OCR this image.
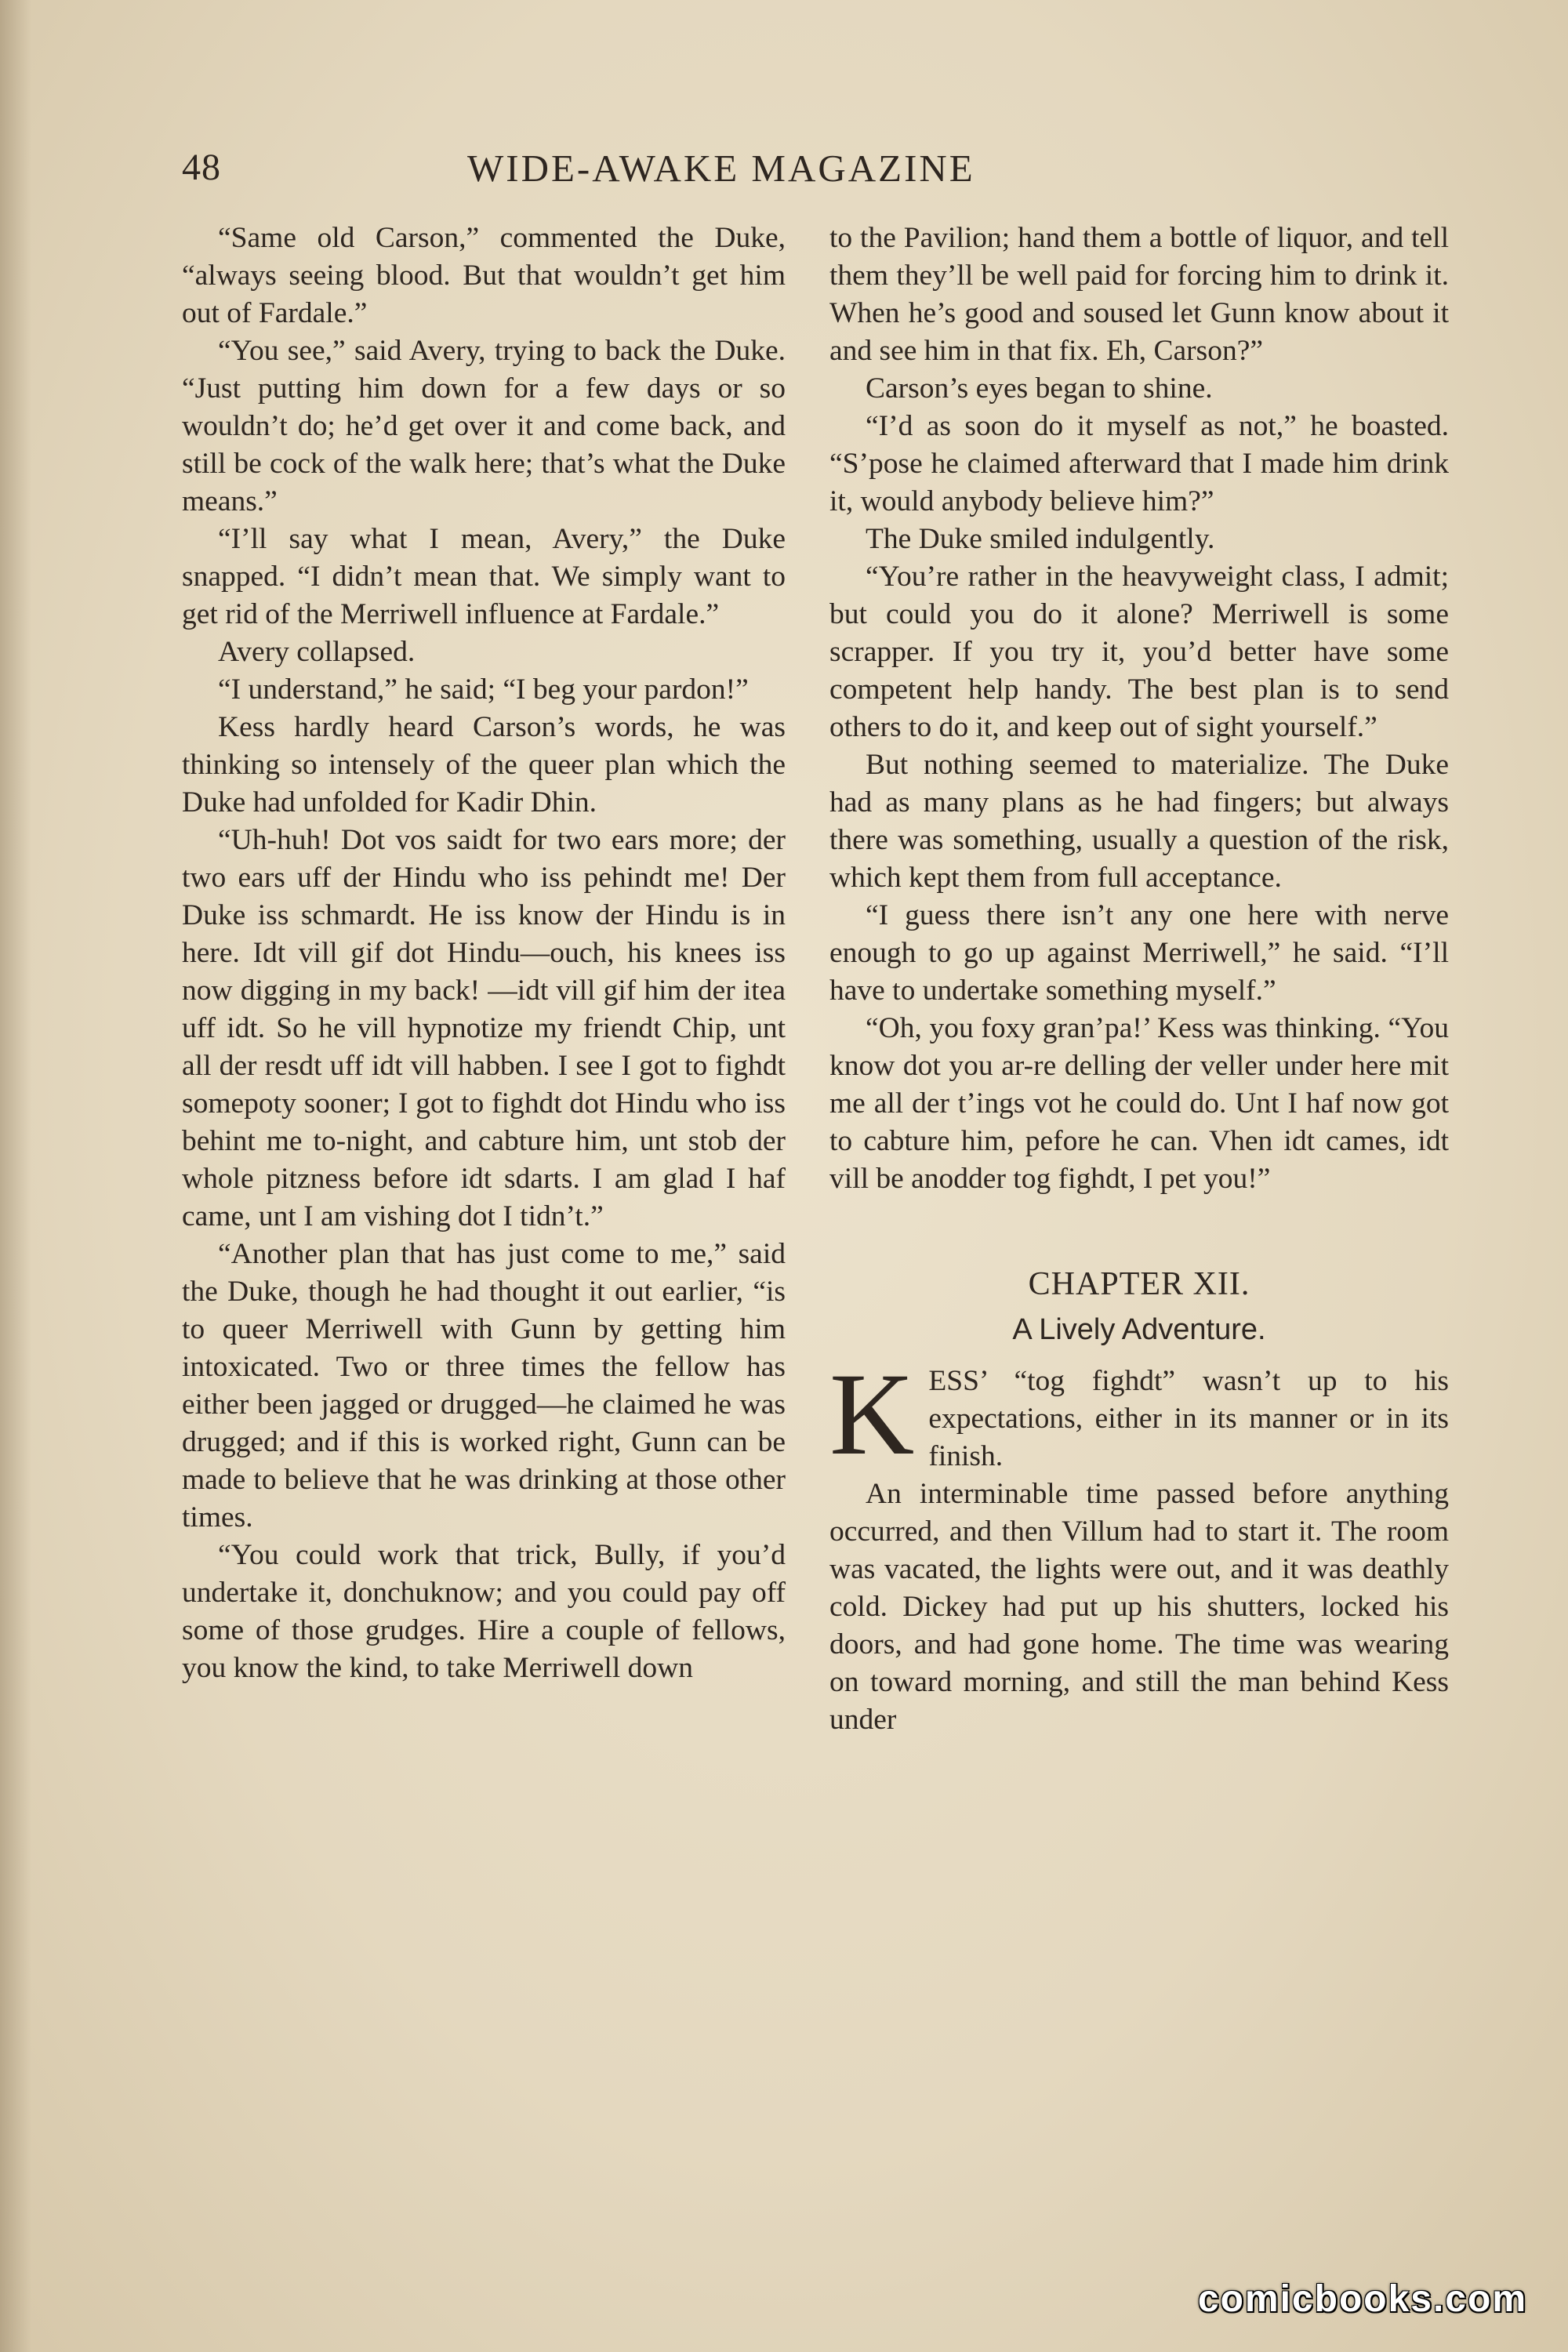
48	WIDE-AWAKE MAGAZINE

“Same old Carson,” commented the Duke, “always seeing blood. But that wouldn’t get him out of Fardale.”

“You see,” said Avery, trying to back the Duke. “Just putting him down for a few days or so wouldn’t do; he’d get over it and come back, and still be cock of the walk here; that’s what the Duke means.”

“I’ll say what I mean, Avery,” the Duke snapped. “I didn’t mean that. We simply want to get rid of the Merriwell influence at Fardale.”

Avery collapsed.

“I understand,” he said; “I beg your pardon!”

Kess hardly heard Carson’s words, he was thinking so intensely of the queer plan which the Duke had unfolded for Kadir Dhin.

“Uh-huh! Dot vos saidt for two ears more; der two ears uff der Hindu who iss pehindt me! Der Duke iss schmardt. He iss know der Hindu is in here. Idt vill gif dot Hindu—ouch, his knees iss now digging in my back! —idt vill gif him der itea uff idt. So he vill hypnotize my friendt Chip, unt all der resdt uff idt vill habben. I see I got to fighdt somepoty sooner; I got to fighdt dot Hindu who iss behint me to-night, and cabture him, unt stob der whole pitzness before idt sdarts. I am glad I haf came, unt I am vishing dot I tidn’t.”

“Another plan that has just come to me,” said the Duke, though he had thought it out earlier, “is to queer Merriwell with Gunn by getting him intoxicated. Two or three times the fellow has either been jagged or drugged—he claimed he was drugged; and if this is worked right, Gunn can be made to believe that he was drinking at those other times.

“You could work that trick, Bully, if you’d undertake it, donchuknow; and you could pay off some of those grudges. Hire a couple of fellows, you know the kind, to take Merriwell down

to the Pavilion; hand them a bottle of liquor, and tell them they’ll be well paid for forcing him to drink it. When he’s good and soused let Gunn know about it and see him in that fix. Eh, Carson?”

Carson’s eyes began to shine.

“I’d as soon do it myself as not,” he boasted. “S’pose he claimed afterward that I made him drink it, would anybody believe him?”

The Duke smiled indulgently.

“You’re rather in the heavyweight class, I admit; but could you do it alone? Merriwell is some scrapper. If you try it, you’d better have some competent help handy. The best plan is to send others to do it, and keep out of sight yourself.”

But nothing seemed to materialize. The Duke had as many plans as he had fingers; but always there was something, usually a question of the risk, which kept them from full acceptance.

“I guess there isn’t any one here with nerve enough to go up against Merriwell,” he said. “I’ll have to undertake something myself.”

“Oh, you foxy gran’pa!’ Kess was thinking. “You know dot you ar-re delling der veller under here mit me all der t’ings vot he could do. Unt I haf now got to cabture him, pefore he can. Vhen idt cames, idt vill be anodder tog fighdt, I pet you!”

CHAPTER XII.
A Lively Adventure.

KESS’ “tog fighdt” wasn’t up to his expectations, either in its manner or in its finish.

An interminable time passed before anything occurred, and then Villum had to start it. The room was vacated, the lights were out, and it was deathly cold. Dickey had put up his shutters, locked his doors, and had gone home. The time was wearing on toward morning, and still the man behind Kess under

comicbooks.com
